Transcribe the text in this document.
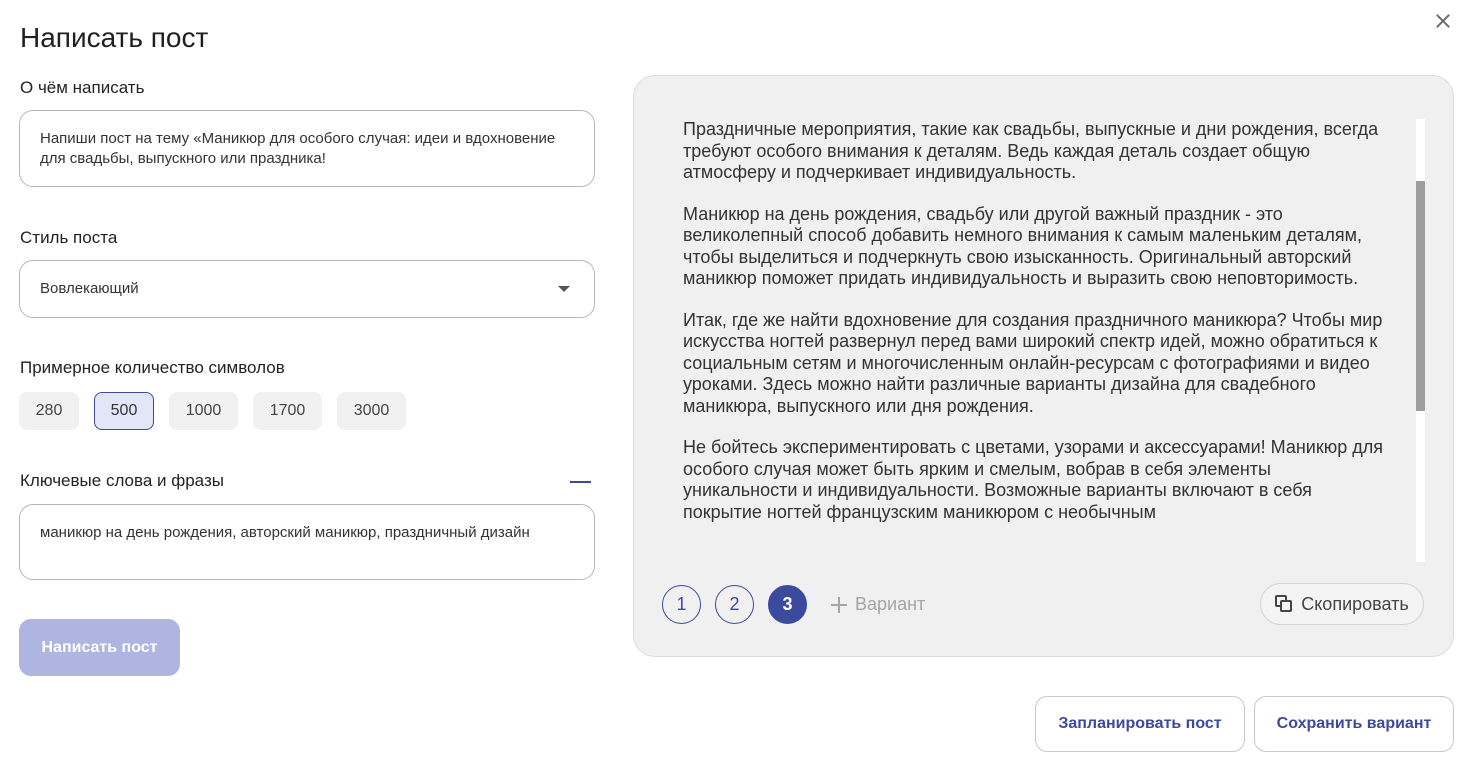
Написать пост
О чём написать
Напиши пост на тему «Маникюр для особого случая: идеи и вдохновение для свадьбы, выпускного или праздника!
Стиль поста
Вовлекающий
Примерное количество символов
280	500	1000	1700	3000
Ключевые слова и фразы
маникюр на день рождения, авторский маникюр, праздничный дизайн
Написать пост

Праздничные мероприятия, такие как свадьбы, выпускные и дни рождения, всегда требуют особого внимания к деталям. Ведь каждая деталь создает общую атмосферу и подчеркивает индивидуальность.

Маникюр на день рождения, свадьбу или другой важный праздник - это великолепный способ добавить немного внимания к самым маленьким деталям, чтобы выделиться и подчеркнуть свою изысканность. Оригинальный авторский маникюр поможет придать индивидуальность и выразить свою неповторимость.

Итак, где же найти вдохновение для создания праздничного маникюра? Чтобы мир искусства ногтей развернул перед вами широкий спектр идей, можно обратиться к социальным сетям и многочисленным онлайн-ресурсам с фотографиями и видео уроками. Здесь можно найти различные варианты дизайна для свадебного маникюра, выпускного или дня рождения.

Не бойтесь экспериментировать с цветами, узорами и аксессуарами! Маникюр для особого случая может быть ярким и смелым, вобрав в себя элементы уникальности и индивидуальности. Возможные варианты включают в себя покрытие ногтей французским маникюром с необычным

1	2	3	Вариант	Скопировать
Запланировать пост	Сохранить вариант
